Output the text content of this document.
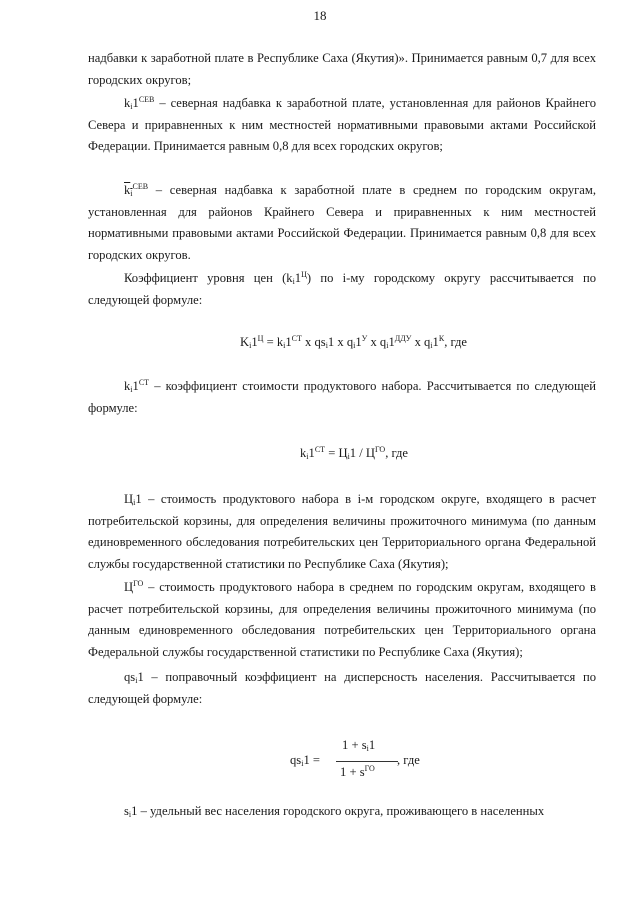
18

надбавки к заработной плате в Республике Саха (Якутия)». Принимается равным 0,7 для всех городских округов;

$k_i1^{СЕВ}$ – северная надбавка к заработной плате, установленная для районов Крайнего Севера и приравненных к ним местностей нормативными правовыми актами Российской Федерации. Принимается равным 0,8 для всех городских округов;

$k_i^{СЕВ}$ – северная надбавка к заработной плате в среднем по городским округам, установленная для районов Крайнего Севера и приравненных к ним местностей нормативными правовыми актами Российской Федерации. Принимается равным 0,8 для всех городских округов.

Коэффициент уровня цен $(k_i1^Ц)$ по i-му городскому округу рассчитывается по следующей формуле:

$K_i1^Ц = k_i1^{СТ}$ x $qs_i1$ x $q_i1^У$ x $q_i1^{ДДУ}$ x $q_i1^К$, где

$k_i1^{СТ}$ – коэффициент стоимости продуктового набора. Рассчитывается по следующей формуле:

$k_i1^{СТ} = Ц_i1 / Ц^{ГО}$, где

$Ц_i1$ – стоимость продуктового набора в i-м городском округе, входящего в расчет потребительской корзины, для определения величины прожиточного минимума (по данным единовременного обследования потребительских цен Территориального органа Федеральной службы государственной статистики по Республике Саха (Якутия);

$Ц^{ГО}$ – стоимость продуктового набора в среднем по городским округам, входящего в расчет потребительской корзины, для определения величины прожиточного минимума (по данным единовременного обследования потребительских цен Территориального органа Федеральной службы государственной статистики по Республике Саха (Якутия);

$qs_i1$ – поправочный коэффициент на дисперсность населения. Рассчитывается по следующей формуле:

$qs_i1$ =
$1 + s_i1$
$1 + s^{ГО}$
, где

$s_i1$ – удельный вес населения городского округа, проживающего в населенных
